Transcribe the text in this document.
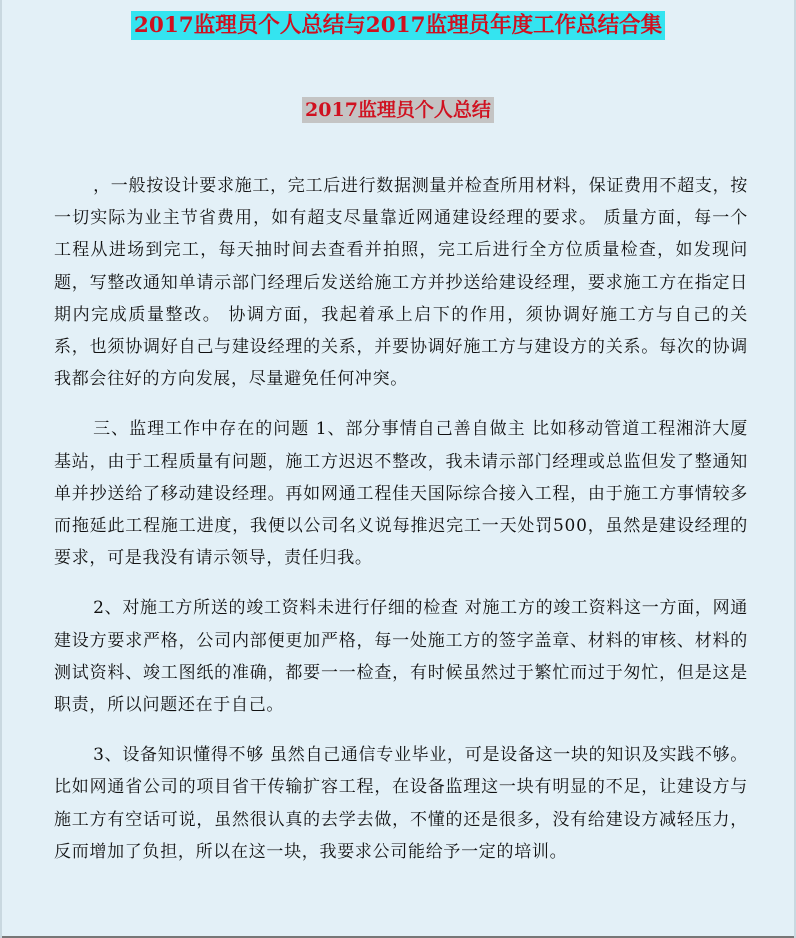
2017监理员个人总结与2017监理员年度工作总结合集
2017监理员个人总结

，一般按设计要求施工，完工后进行数据测量并检查所用材料，保证费用不超支，按一切实际为业主节省费用，如有超支尽量靠近网通建设经理的要求。 质量方面，每一个工程从进场到完工，每天抽时间去查看并拍照，完工后进行全方位质量检查，如发现问题，写整改通知单请示部门经理后发送给施工方并抄送给建设经理，要求施工方在指定日期内完成质量整改。 协调方面，我起着承上启下的作用，须协调好施工方与自己的关系，也须协调好自己与建设经理的关系，并要协调好施工方与建设方的关系。每次的协调我都会往好的方向发展，尽量避免任何冲突。

三、监理工作中存在的问题 1、部分事情自己善自做主 比如移动管道工程湘浒大厦基站，由于工程质量有问题，施工方迟迟不整改，我未请示部门经理或总监但发了整通知单并抄送给了移动建设经理。再如网通工程佳天国际综合接入工程，由于施工方事情较多而拖延此工程施工进度，我便以公司名义说每推迟完工一天处罚500，虽然是建设经理的要求，可是我没有请示领导，责任归我。

2、对施工方所送的竣工资料未进行仔细的检查 对施工方的竣工资料这一方面，网通建设方要求严格，公司内部便更加严格，每一处施工方的签字盖章、材料的审核、材料的测试资料、竣工图纸的准确，都要一一检查，有时候虽然过于繁忙而过于匆忙，但是这是职责，所以问题还在于自己。

3、设备知识懂得不够 虽然自己通信专业毕业，可是设备这一块的知识及实践不够。比如网通省公司的项目省干传输扩容工程，在设备监理这一块有明显的不足，让建设方与施工方有空话可说，虽然很认真的去学去做，不懂的还是很多，没有给建设方减轻压力，反而增加了负担，所以在这一块，我要求公司能给予一定的培训。
